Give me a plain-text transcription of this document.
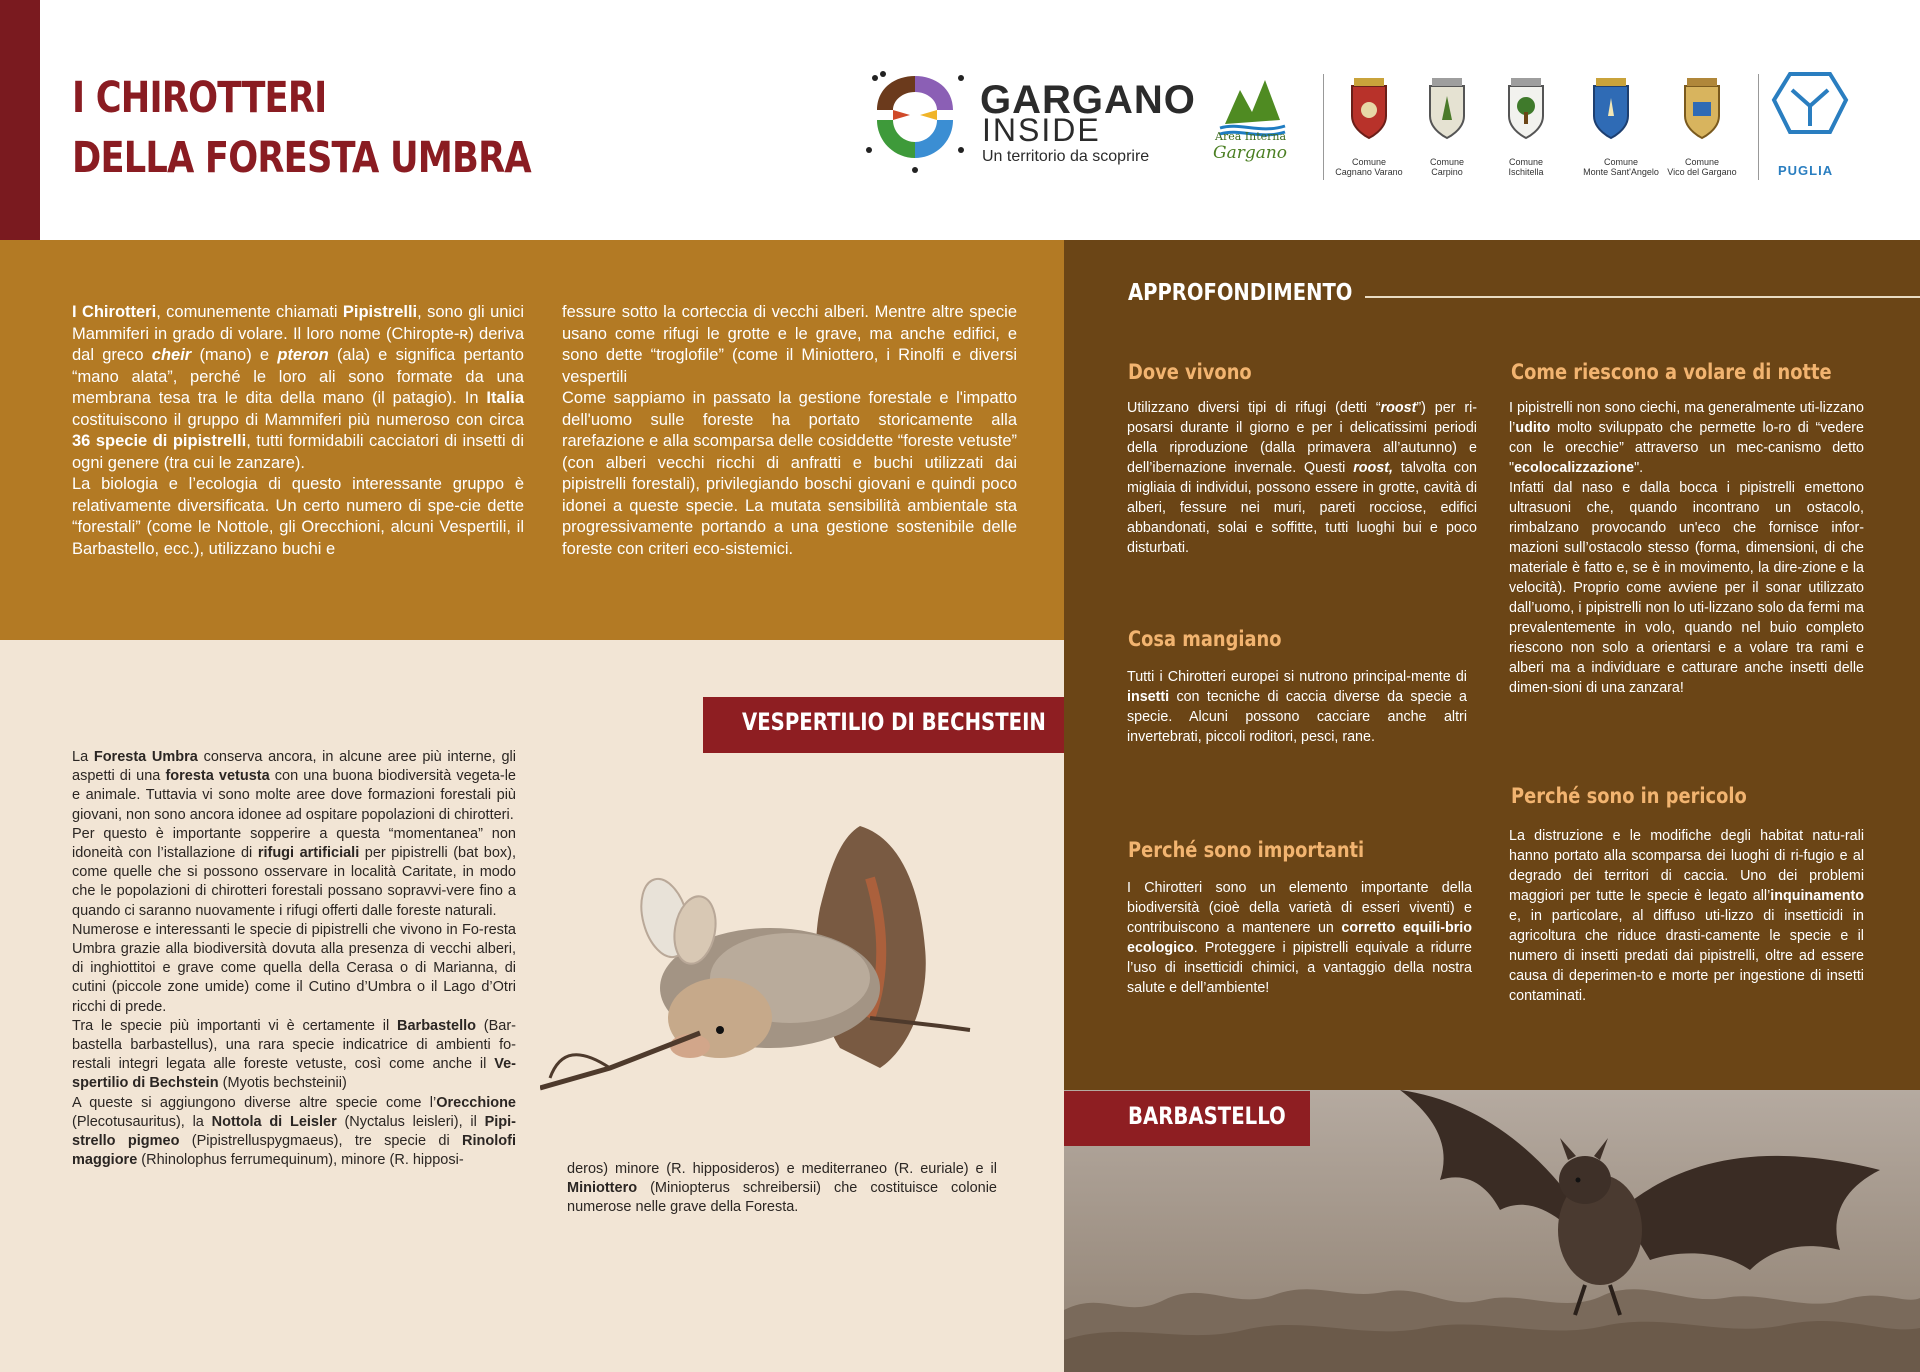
I CHIROTTERI
DELLA FORESTA UMBRA
GARGANO
INSIDE
Un territorio da scoprire
Area Interna
Gargano	Comune
Cagnano Varano
Comune
Carpino
Comune
Ischitella
Comune
Monte Sant'Angelo
Comune
Vico del Gargano	PUGLIA

I Chirotteri, comunemente chiamati Pipistrelli, sono gli unici Mammiferi in grado di volare. Il loro nome (Chiropte-ʀ) deriva dal greco cheir (mano) e pteron (ala) e significa pertanto “mano alata”, perché le loro ali sono formate da una membrana tesa tra le dita della mano (il patagio). In Italia costituiscono il gruppo di Mammiferi più numeroso con circa 36 specie di pipistrelli, tutti formidabili cacciatori di insetti di ogni genere (tra cui le zanzare).

La biologia e l’ecologia di questo interessante gruppo è relativamente diversificata. Un certo numero di spe-cie dette “forestali” (come le Nottole, gli Orecchioni, alcuni Vespertili, il Barbastello, ecc.), utilizzano buchi e

fessure sotto la corteccia di vecchi alberi. Mentre altre specie usano come rifugi le grotte e le grave, ma anche edifici, e sono dette “troglofile” (come il Miniottero, i Rinolfi e diversi vespertili

Come sappiamo in passato la gestione forestale e l'impatto dell'uomo sulle foreste ha portato storicamente alla rarefazione e alla scomparsa delle cosiddette “foreste vetuste” (con alberi vecchi ricchi di anfratti e buchi utilizzati dai pipistrelli forestali), privilegiando boschi giovani e quindi poco idonei a queste specie. La mutata sensibilità ambientale sta progressivamente portando a una gestione sostenibile delle foreste con criteri eco-sistemici.

APPROFONDIMENTO
Dove vivono

Utilizzano diversi tipi di rifugi (detti “roost”) per ri-posarsi durante il giorno e per i delicatissimi periodi della riproduzione (dalla primavera all’autunno) e dell’ibernazione invernale. Questi roost, talvolta con migliaia di individui, possono essere in grotte, cavità di alberi, fessure nei muri, pareti rocciose, edifici abbandonati, solai e soffitte, tutti luoghi bui e poco disturbati.

Cosa mangiano

Tutti i Chirotteri europei si nutrono principal-mente di insetti con tecniche di caccia diverse da specie a specie. Alcuni possono cacciare anche altri invertebrati, piccoli roditori, pesci, rane.

Perché sono importanti

I Chirotteri sono un elemento importante della biodiversità (cioè della varietà di esseri viventi) e contribuiscono a mantenere un corretto equili-brio ecologico. Proteggere i pipistrelli equivale a ridurre l’uso di insetticidi chimici, a vantaggio della nostra salute e dell’ambiente!

Come riescono a volare di notte

I pipistrelli non sono ciechi, ma generalmente uti-lizzano l’udito molto sviluppato che permette lo-ro di “vedere con le orecchie” attraverso un mec-canismo detto "ecolocalizzazione".

Infatti dal naso e dalla bocca i pipistrelli emettono ultrasuoni che, quando incontrano un ostacolo, rimbalzano provocando un'eco che fornisce infor-mazioni sull’ostacolo stesso (forma, dimensioni, di che materiale è fatto e, se è in movimento, la dire-zione e la velocità). Proprio come avviene per il sonar utilizzato dall’uomo, i pipistrelli non lo uti-lizzano solo da fermi ma prevalentemente in volo, quando nel buio completo riescono non solo a orientarsi e a volare tra rami e alberi ma a individuare e catturare anche insetti delle dimen-sioni di una zanzara!

Perché sono in pericolo

La distruzione e le modifiche degli habitat natu-rali hanno portato alla scomparsa dei luoghi di ri-fugio e al degrado dei territori di caccia. Uno dei problemi maggiori per tutte le specie è legato all’inquinamento e, in particolare, al diffuso uti-lizzo di insetticidi in agricoltura che riduce drasti-camente le specie e il numero di insetti predati dai pipistrelli, oltre ad essere causa di deperimen-to e morte per ingestione di insetti contaminati.

VESPERTILIO DI BECHSTEIN

La Foresta Umbra conserva ancora, in alcune aree più interne, gli aspetti di una foresta vetusta con una buona biodiversità vegeta-le e animale. Tuttavia vi sono molte aree dove formazioni forestali più giovani, non sono ancora idonee ad ospitare popolazioni di chirotteri.

Per questo è importante sopperire a questa “momentanea” non idoneità con l’istallazione di rifugi artificiali per pipistrelli (bat box), come quelle che si possono osservare in località Caritate, in modo che le popolazioni di chirotteri forestali possano sopravvi-vere fino a quando ci saranno nuovamente i rifugi offerti dalle foreste naturali.

Numerose e interessanti le specie di pipistrelli che vivono in Fo-resta Umbra grazie alla biodiversità dovuta alla presenza di vecchi alberi, di inghiottitoi e grave come quella della Cerasa o di Marianna, di cutini (piccole zone umide) come il Cutino d’Umbra o il Lago d’Otri ricchi di prede.

Tra le specie più importanti vi è certamente il Barbastello (Bar-bastella barbastellus), una rara specie indicatrice di ambienti fo-restali integri legata alle foreste vetuste, così come anche il Ve-spertilio di Bechstein (Myotis bechsteinii)

A queste si aggiungono diverse altre specie come l’Orecchione (Plecotusauritus), la Nottola di Leisler (Nyctalus leisleri), il Pipi-strello pigmeo (Pipistrelluspygmaeus), tre specie di Rinolofi maggiore (Rhinolophus ferrumequinum), minore (R. hipposi-

deros) minore (R. hipposideros) e mediterraneo (R. euriale) e il Miniottero (Miniopterus schreibersii) che costituisce colonie numerose nelle grave della Foresta.

BARBASTELLO
